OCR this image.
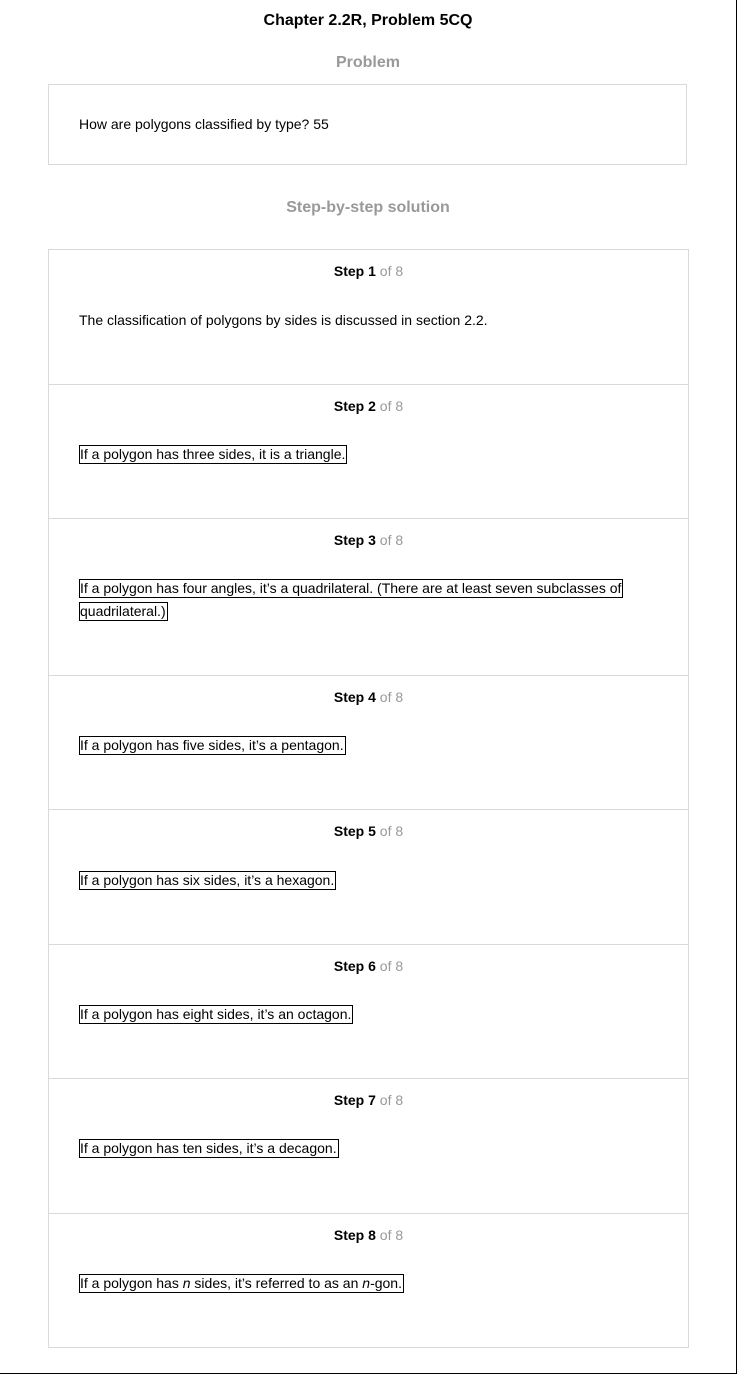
Chapter 2.2R, Problem 5CQ
Problem
How are polygons classified by type? 55
Step-by-step solution
Step 1 of 8
The classification of polygons by sides is discussed in section 2.2.
Step 2 of 8
If a polygon has three sides, it is a triangle.
Step 3 of 8
If a polygon has four angles, it’s a quadrilateral. (There are at least seven subclasses of quadrilateral.)
Step 4 of 8
If a polygon has five sides, it’s a pentagon.
Step 5 of 8
If a polygon has six sides, it’s a hexagon.
Step 6 of 8
If a polygon has eight sides, it’s an octagon.
Step 7 of 8
If a polygon has ten sides, it’s a decagon.
Step 8 of 8
If a polygon has n sides, it’s referred to as an n-gon.
